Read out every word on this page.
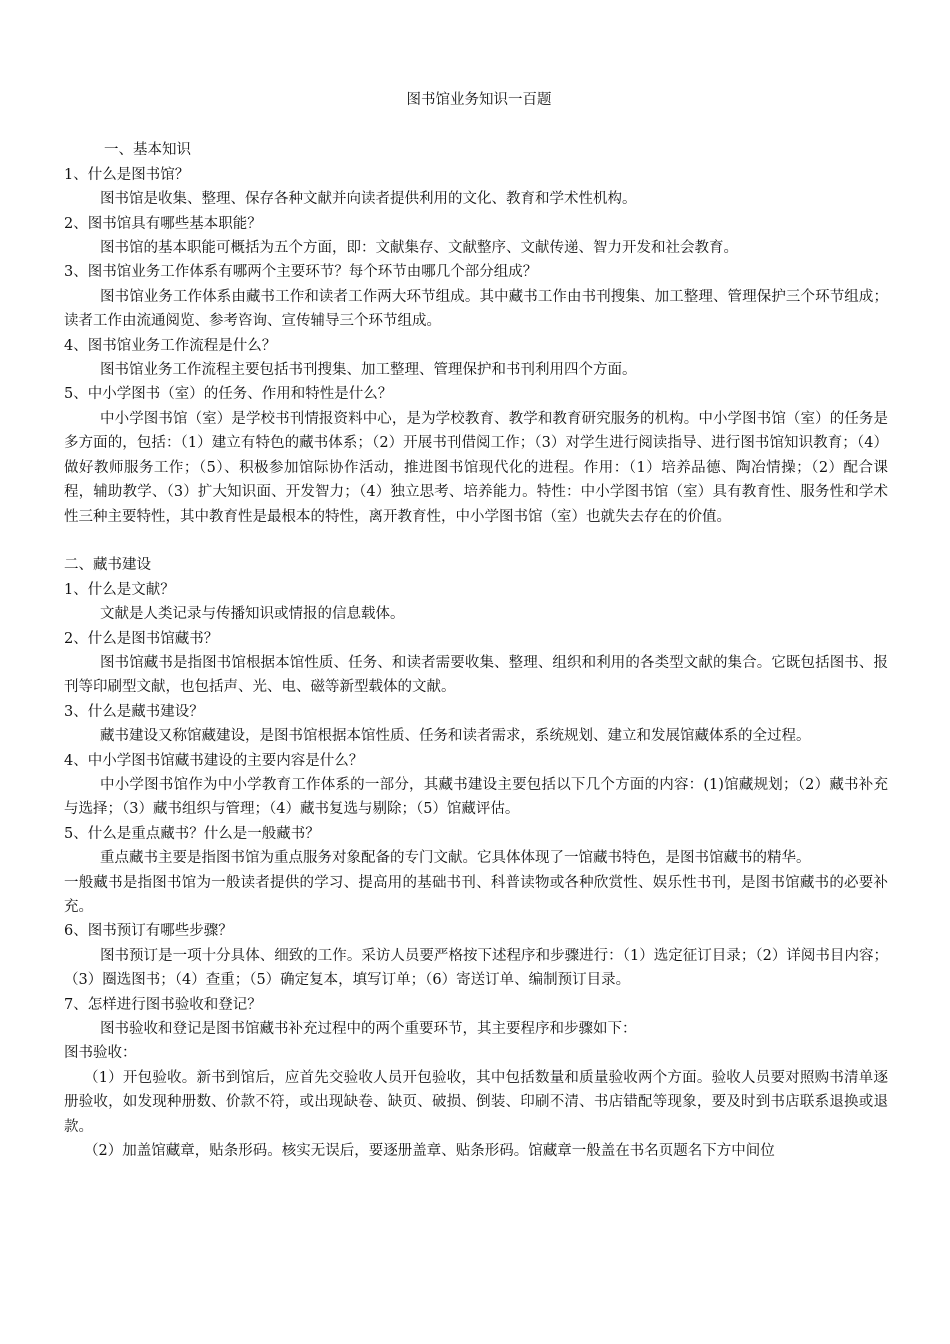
图书馆业务知识一百题

一、基本知识

1、什么是图书馆？

图书馆是收集、整理、保存各种文献并向读者提供利用的文化、教育和学术性机构。

2、图书馆具有哪些基本职能？

图书馆的基本职能可概括为五个方面，即：文献集存、文献整序、文献传递、智力开发和社会教育。

3、图书馆业务工作体系有哪两个主要环节？每个环节由哪几个部分组成？

图书馆业务工作体系由藏书工作和读者工作两大环节组成。其中藏书工作由书刊搜集、加工整理、管理保护三个环节组成；读者工作由流通阅览、参考咨询、宣传辅导三个环节组成。

4、图书馆业务工作流程是什么？

图书馆业务工作流程主要包括书刊搜集、加工整理、管理保护和书刊利用四个方面。

5、中小学图书（室）的任务、作用和特性是什么？

中小学图书馆（室）是学校书刊情报资料中心，是为学校教育、教学和教育研究服务的机构。中小学图书馆（室）的任务是多方面的，包括：（1）建立有特色的藏书体系；（2）开展书刊借阅工作；（3）对学生进行阅读指导、进行图书馆知识教育；（4）做好教师服务工作；（5）、积极参加馆际协作活动，推进图书馆现代化的进程。作用：（1）培养品德、陶冶情操；（2）配合课程，辅助教学、（3）扩大知识面、开发智力；（4）独立思考、培养能力。特性：中小学图书馆（室）具有教育性、服务性和学术性三种主要特性，其中教育性是最根本的特性，离开教育性，中小学图书馆（室）也就失去存在的价值。

二、藏书建设

1、什么是文献？

文献是人类记录与传播知识或情报的信息载体。

2、什么是图书馆藏书？

图书馆藏书是指图书馆根据本馆性质、任务、和读者需要收集、整理、组织和利用的各类型文献的集合。它既包括图书、报刊等印刷型文献，也包括声、光、电、磁等新型载体的文献。

3、什么是藏书建设？

藏书建设又称馆藏建设，是图书馆根据本馆性质、任务和读者需求，系统规划、建立和发展馆藏体系的全过程。

4、中小学图书馆藏书建设的主要内容是什么？

中小学图书馆作为中小学教育工作体系的一部分，其藏书建设主要包括以下几个方面的内容：(1)馆藏规划；（2）藏书补充与选择；（3）藏书组织与管理；（4）藏书复选与剔除；（5）馆藏评估。

5、什么是重点藏书？什么是一般藏书？

重点藏书主要是指图书馆为重点服务对象配备的专门文献。它具体体现了一馆藏书特色，是图书馆藏书的精华。

一般藏书是指图书馆为一般读者提供的学习、提高用的基础书刊、科普读物或各种欣赏性、娱乐性书刊，是图书馆藏书的必要补充。

6、图书预订有哪些步骤？

图书预订是一项十分具体、细致的工作。采访人员要严格按下述程序和步骤进行：（1）选定征订目录；（2）详阅书目内容；（3）圈选图书；（4）查重；（5）确定复本，填写订单；（6）寄送订单、编制预订目录。

7、怎样进行图书验收和登记？

图书验收和登记是图书馆藏书补充过程中的两个重要环节，其主要程序和步骤如下：

图书验收：

（1）开包验收。新书到馆后，应首先交验收人员开包验收，其中包括数量和质量验收两个方面。验收人员要对照购书清单逐册验收，如发现种册数、价款不符，或出现缺卷、缺页、破损、倒装、印刷不清、书店错配等现象，要及时到书店联系退换或退款。

（2）加盖馆藏章，贴条形码。核实无误后，要逐册盖章、贴条形码。馆藏章一般盖在书名页题名下方中间位
